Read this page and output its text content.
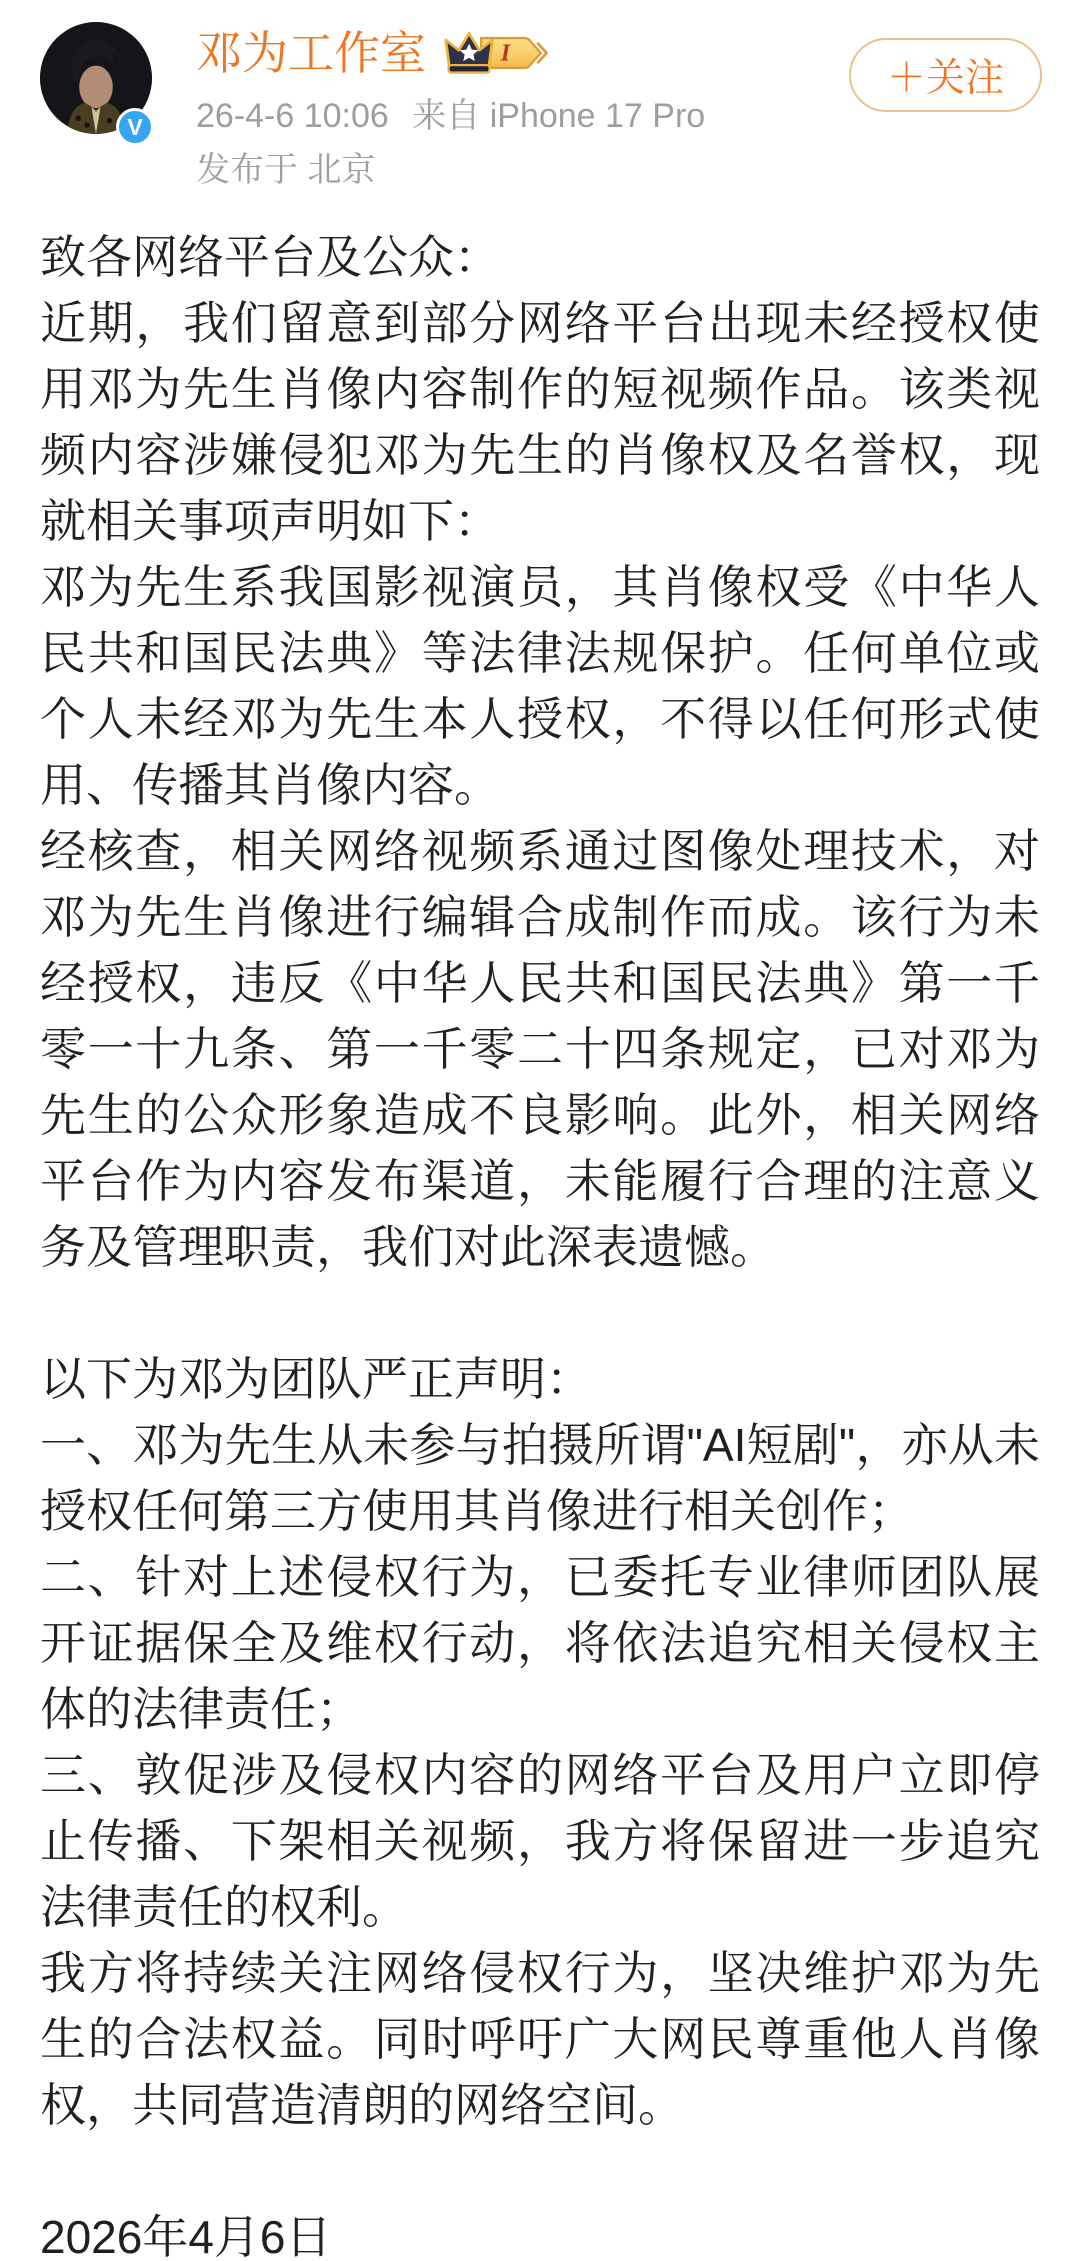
V
邓为工作室	I
26-4-6 10:06 来自 iPhone 17 Pro
发布于 北京
＋关注

致各网络平台及公众：

近期，我们留意到部分网络平台出现未经授权使用邓为先生肖像内容制作的短视频作品。该类视频内容涉嫌侵犯邓为先生的肖像权及名誉权，现就相关事项声明如下：

邓为先生系我国影视演员，其肖像权受《中华人民共和国民法典》等法律法规保护。任何单位或个人未经邓为先生本人授权，不得以任何形式使用、传播其肖像内容。

经核查，相关网络视频系通过图像处理技术，对邓为先生肖像进行编辑合成制作而成。该行为未经授权，违反《中华人民共和国民法典》第一千零一十九条、第一千零二十四条规定，已对邓为先生的公众形象造成不良影响。此外，相关网络平台作为内容发布渠道，未能履行合理的注意义务及管理职责，我们对此深表遗憾。

以下为邓为团队严正声明：

一、邓为先生从未参与拍摄所谓"AI短剧"，亦从未授权任何第三方使用其肖像进行相关创作；

二、针对上述侵权行为，已委托专业律师团队展开证据保全及维权行动，将依法追究相关侵权主体的法律责任；

三、敦促涉及侵权内容的网络平台及用户立即停止传播、下架相关视频，我方将保留进一步追究法律责任的权利。

我方将持续关注网络侵权行为，坚决维护邓为先生的合法权益。同时呼吁广大网民尊重他人肖像权，共同营造清朗的网络空间。

2026年4月6日
